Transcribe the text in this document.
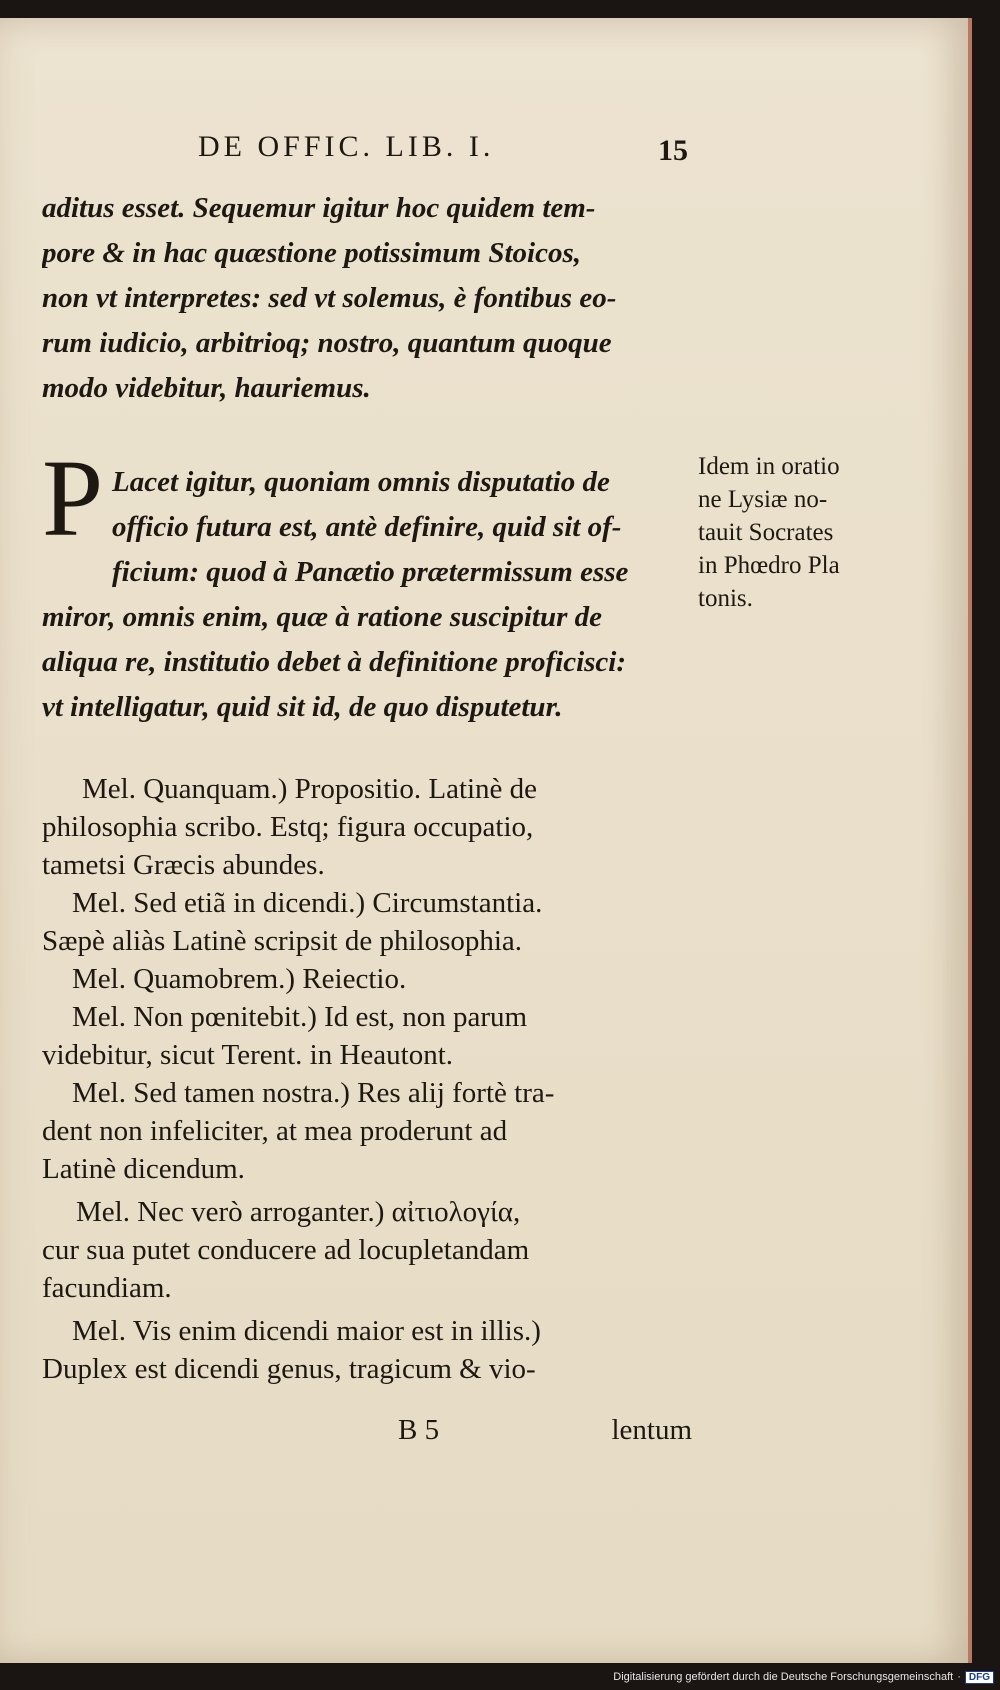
DE OFFIC. LIB. I.	15
aditus esset. Sequemur igitur hoc quidem tem-
pore & in hac quæstione potissimum Stoicos,
non vt interpretes: sed vt solemus, è fontibus eo-
rum iudicio, arbitrioq; nostro, quantum quoque
modo videbitur, hauriemus.
P Lacet igitur, quoniam omnis disputatio de
officio futura est, antè definire, quid sit of-
ficium: quod à Panætio prætermissum esse
miror, omnis enim, quæ à ratione suscipitur de
aliqua re, institutio debet à definitione proficisci:
vt intelligatur, quid sit id, de quo disputetur.
Idem in oratio
ne Lysiæ no-
tauit Socrates
in Phœdro Pla
tonis.
Mel. Quanquam.) Propositio. Latinè de
philosophia scribo. Estq; figura occupatio,
tametsi Græcis abundes.
Mel. Sed etiã in dicendi.) Circumstantia.
Sæpè aliàs Latinè scripsit de philosophia.
Mel. Quamobrem.) Reiectio.
Mel. Non pœnitebit.) Id est, non parum
videbitur, sicut Terent. in Heautont.
Mel. Sed tamen nostra.) Res alij fortè tra-
dent non infeliciter, at mea proderunt ad
Latinè dicendum.
Mel. Nec verò arroganter.) αἰτιολογία,
cur sua putet conducere ad locupletandam
facundiam.
Mel. Vis enim dicendi maior est in illis.)
Duplex est dicendi genus, tragicum & vio-
B 5	lentum
Digitalisierung gefördert durch die Deutsche Forschungsgemeinschaft · DFG
